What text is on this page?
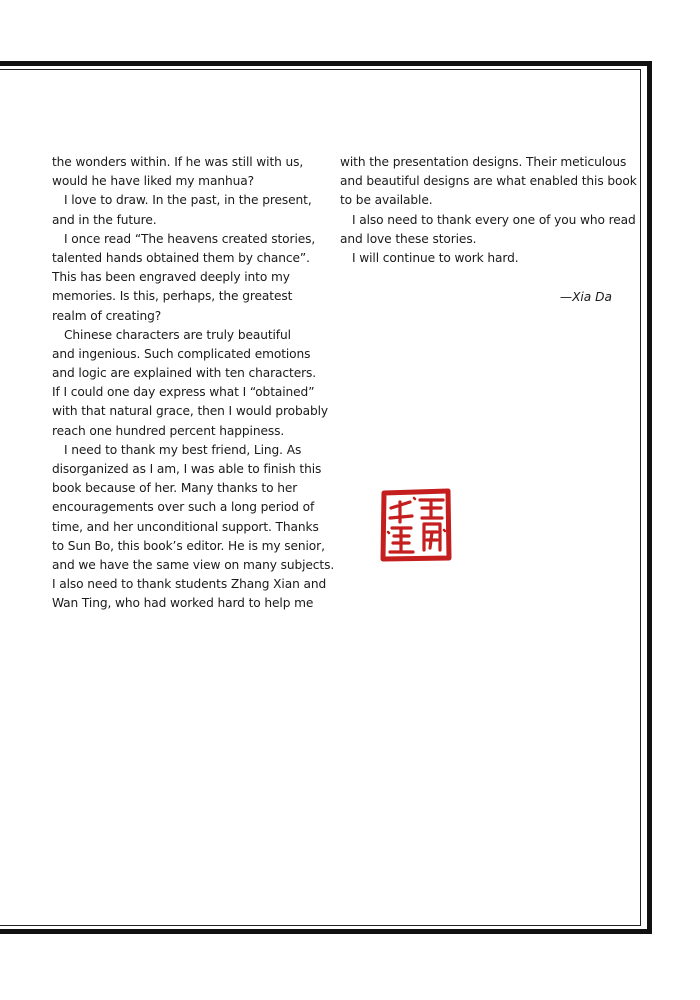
the wonders within. If he was still with us,
would he have liked my manhua?
I love to draw. In the past, in the present,
and in the future.
I once read “The heavens created stories,
talented hands obtained them by chance”.
This has been engraved deeply into my
memories. Is this, perhaps, the greatest
realm of creating?
Chinese characters are truly beautiful
and ingenious. Such complicated emotions
and logic are explained with ten characters.
If I could one day express what I “obtained”
with that natural grace, then I would probably
reach one hundred percent happiness.
I need to thank my best friend, Ling. As
disorganized as I am, I was able to finish this
book because of her. Many thanks to her
encouragements over such a long period of
time, and her unconditional support. Thanks
to Sun Bo, this book’s editor. He is my senior,
and we have the same view on many subjects.
I also need to thank students Zhang Xian and
Wan Ting, who had worked hard to help me
with the presentation designs. Their meticulous
and beautiful designs are what enabled this book
to be available.
I also need to thank every one of you who read
and love these stories.
I will continue to work hard.
—Xia Da
